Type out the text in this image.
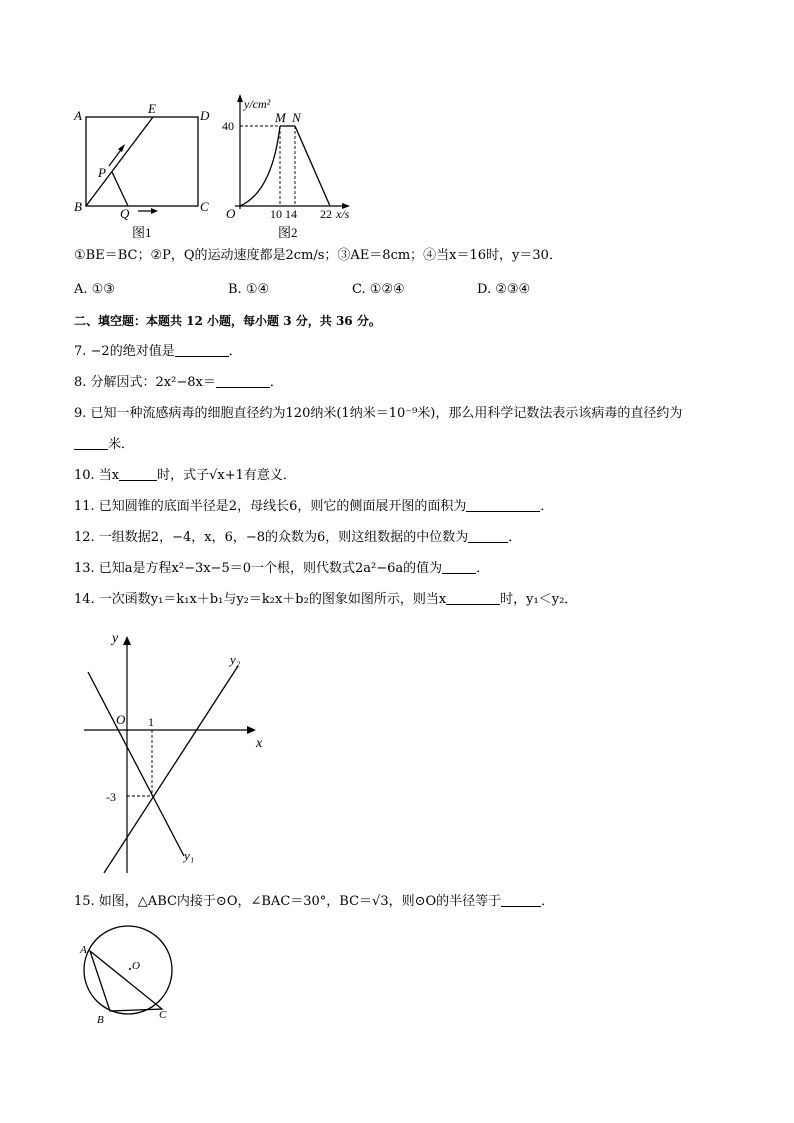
A	E	D
B	C
P
Q
图1
y/cm²
40
M N
O	10 14 22 x/s
图2
①BE＝BC；②P，Q的运动速度都是2cm/s；③AE＝8cm；④当x＝16时，y＝30．
A. ①③	B. ①④	C. ①②④	D. ②③④
二、填空题：本题共 12 小题，每小题 3 分，共 36 分。
7. −2的绝对值是	．
8. 分解因式：2x²−8x＝	．
9. 已知一种流感病毒的细胞直径约为120纳米(1纳米＝10⁻⁹米)，那么用科学记数法表示该病毒的直径约为
米．
10. 当x	时，式子√x+1有意义．
11. 已知圆锥的底面半径是2，母线长6，则它的侧面展开图的面积为	．
12. 一组数据2，−4，x，6，−8的众数为6，则这组数据的中位数为	．
13. 已知a是方程x²−3x−5＝0一个根，则代数式2a²−6a的值为	．
14. 一次函数y₁＝k₁x＋b₁与y₂＝k₂x＋b₂的图象如图所示，则当x	时，y₁＜y₂．
y
x
O 1
-3
y₂
y₁
15. 如图，△ABC内接于⊙O，∠BAC＝30°，BC＝√3，则⊙O的半径等于	．
A
O
B	C
